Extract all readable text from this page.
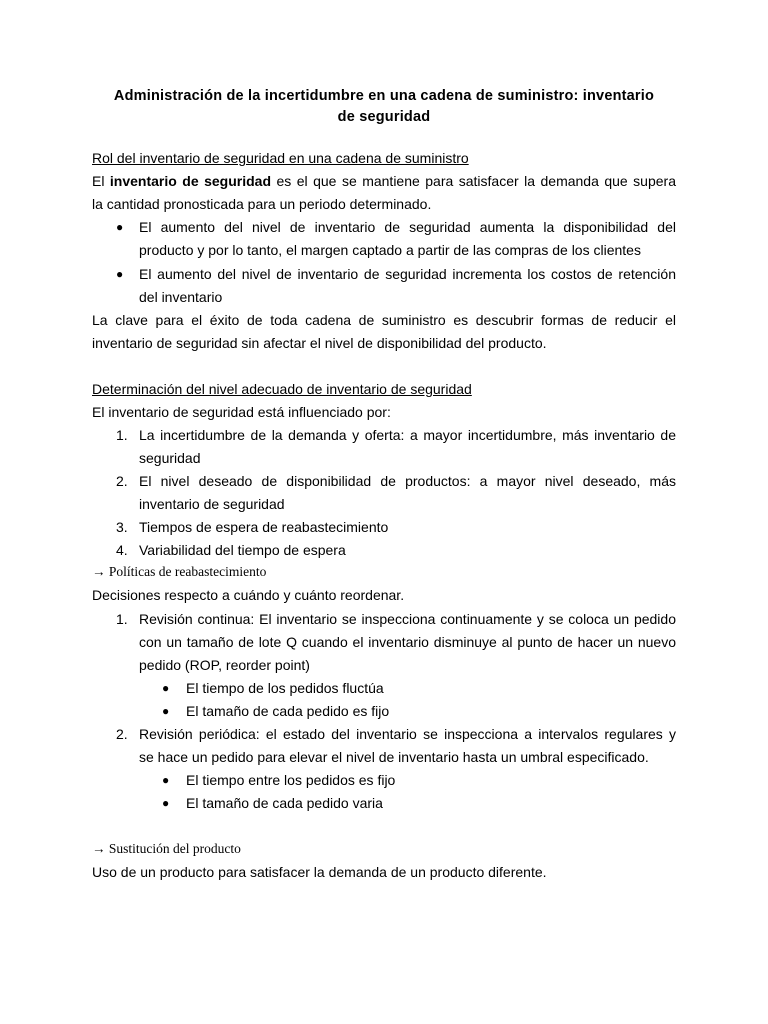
Administración de la incertidumbre en una cadena de suministro: inventario
de seguridad
Rol del inventario de seguridad en una cadena de suministro
El inventario de seguridad es el que se mantiene para satisfacer la demanda que supera
la cantidad pronosticada para un periodo determinado.
● El aumento del nivel de inventario de seguridad aumenta la disponibilidad del
producto y por lo tanto, el margen captado a partir de las compras de los clientes
● El aumento del nivel de inventario de seguridad incrementa los costos de retención
del inventario
La clave para el éxito de toda cadena de suministro es descubrir formas de reducir el
inventario de seguridad sin afectar el nivel de disponibilidad del producto.
Determinación del nivel adecuado de inventario de seguridad
El inventario de seguridad está influenciado por:
1. La incertidumbre de la demanda y oferta: a mayor incertidumbre, más inventario de
seguridad
2. El nivel deseado de disponibilidad de productos: a mayor nivel deseado, más
inventario de seguridad
3. Tiempos de espera de reabastecimiento
4. Variabilidad del tiempo de espera
→ Políticas de reabastecimiento
Decisiones respecto a cuándo y cuánto reordenar.
1. Revisión continua: El inventario se inspecciona continuamente y se coloca un pedido
con un tamaño de lote Q cuando el inventario disminuye al punto de hacer un nuevo
pedido (ROP, reorder point)
● El tiempo de los pedidos fluctúa
● El tamaño de cada pedido es fijo
2. Revisión periódica: el estado del inventario se inspecciona a intervalos regulares y
se hace un pedido para elevar el nivel de inventario hasta un umbral especificado.
● El tiempo entre los pedidos es fijo
● El tamaño de cada pedido varia
→ Sustitución del producto
Uso de un producto para satisfacer la demanda de un producto diferente.
